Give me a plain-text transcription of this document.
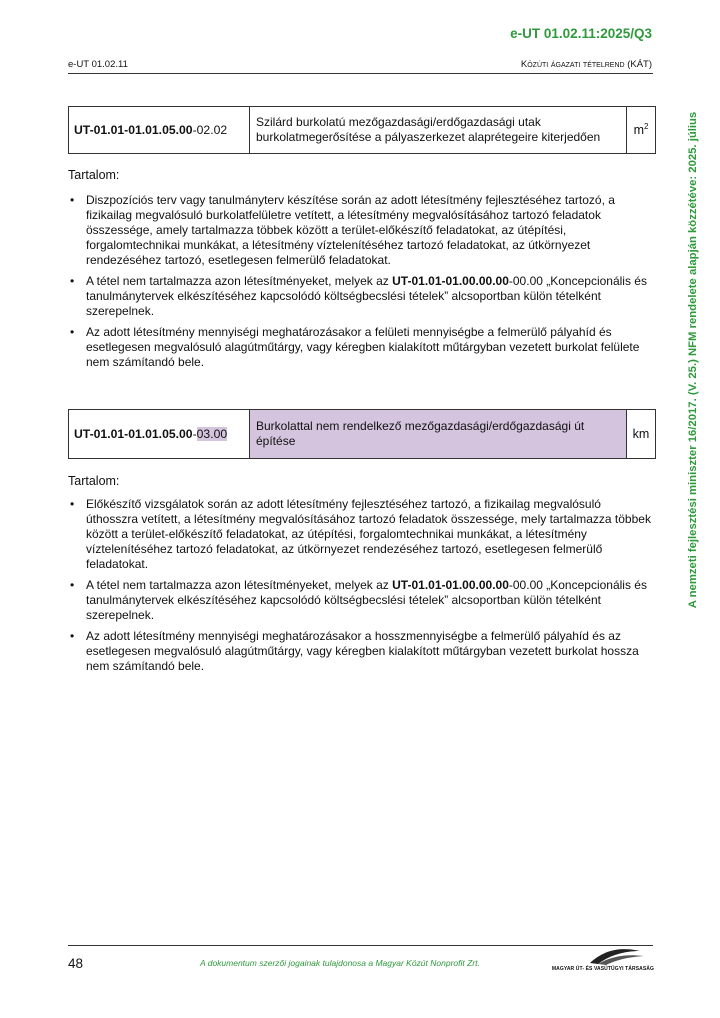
e-UT 01.02.11:2025/Q3
e-UT 01.02.11	Közúti ágazati tételrend (KÁT)
A nemzeti fejlesztési miniszter 16/2017. (V. 25.) NFM rendelete alapján közzétéve: 2025. július
UT-01.01-01.01.05.00-02.02	Szilárd burkolatú mezőgazdasági/erdőgazdasági utak burkolatmegerősítése a pályaszerkezet alaprétegeire kiterjedően	$m^2$
Tartalom:
• Diszpozíciós terv vagy tanulmányterv készítése során az adott létesítmény fejlesztéséhez tartozó, a fizikailag megvalósuló burkolatfelületre vetített, a létesítmény megvalósításához tartozó feladatok összessége, amely tartalmazza többek között a terület-előkészítő feladatokat, az útépítési, forgalomtechnikai munkákat, a létesítmény víztelenítéséhez tartozó feladatokat, az útkörnyezet rendezéséhez tartozó, esetlegesen felmerülő feladatokat.
• A tétel nem tartalmazza azon létesítményeket, melyek az UT-01.01-01.00.00.00-00.00 „Koncepcionális és tanulmánytervek elkészítéséhez kapcsolódó költségbecslési tételek” alcsoportban külön tételként szerepelnek.
• Az adott létesítmény mennyiségi meghatározásakor a felületi mennyiségbe a felmerülő pályahíd és esetlegesen megvalósuló alagútműtárgy, vagy kéregben kialakított műtárgyban vezetett burkolat felülete nem számítandó bele.
UT-01.01-01.01.05.00-03.00	Burkolattal nem rendelkező mezőgazdasági/erdőgazdasági út építése	km
Tartalom:
• Előkészítő vizsgálatok során az adott létesítmény fejlesztéséhez tartozó, a fizikailag megvalósuló úthosszra vetített, a létesítmény megvalósításához tartozó feladatok összessége, mely tartalmazza többek között a terület-előkészítő feladatokat, az útépítési, forgalomtechnikai munkákat, a létesítmény víztelenítéséhez tartozó feladatokat, az útkörnyezet rendezéséhez tartozó, esetlegesen felmerülő feladatokat.
• A tétel nem tartalmazza azon létesítményeket, melyek az UT-01.01-01.00.00.00-00.00 „Koncepcionális és tanulmánytervek elkészítéséhez kapcsolódó költségbecslési tételek” alcsoportban külön tételként szerepelnek.
• Az adott létesítmény mennyiségi meghatározásakor a hosszmennyiségbe a felmerülő pályahíd és az esetlegesen megvalósuló alagútműtárgy, vagy kéregben kialakított műtárgyban vezetett burkolat hossza nem számítandó bele.
48	A dokumentum szerzői jogainak tulajdonosa a Magyar Közút Nonprofit Zrt.
MAGYAR ÚT- ÉS VASÚTÜGYI TÁRSASÁG
